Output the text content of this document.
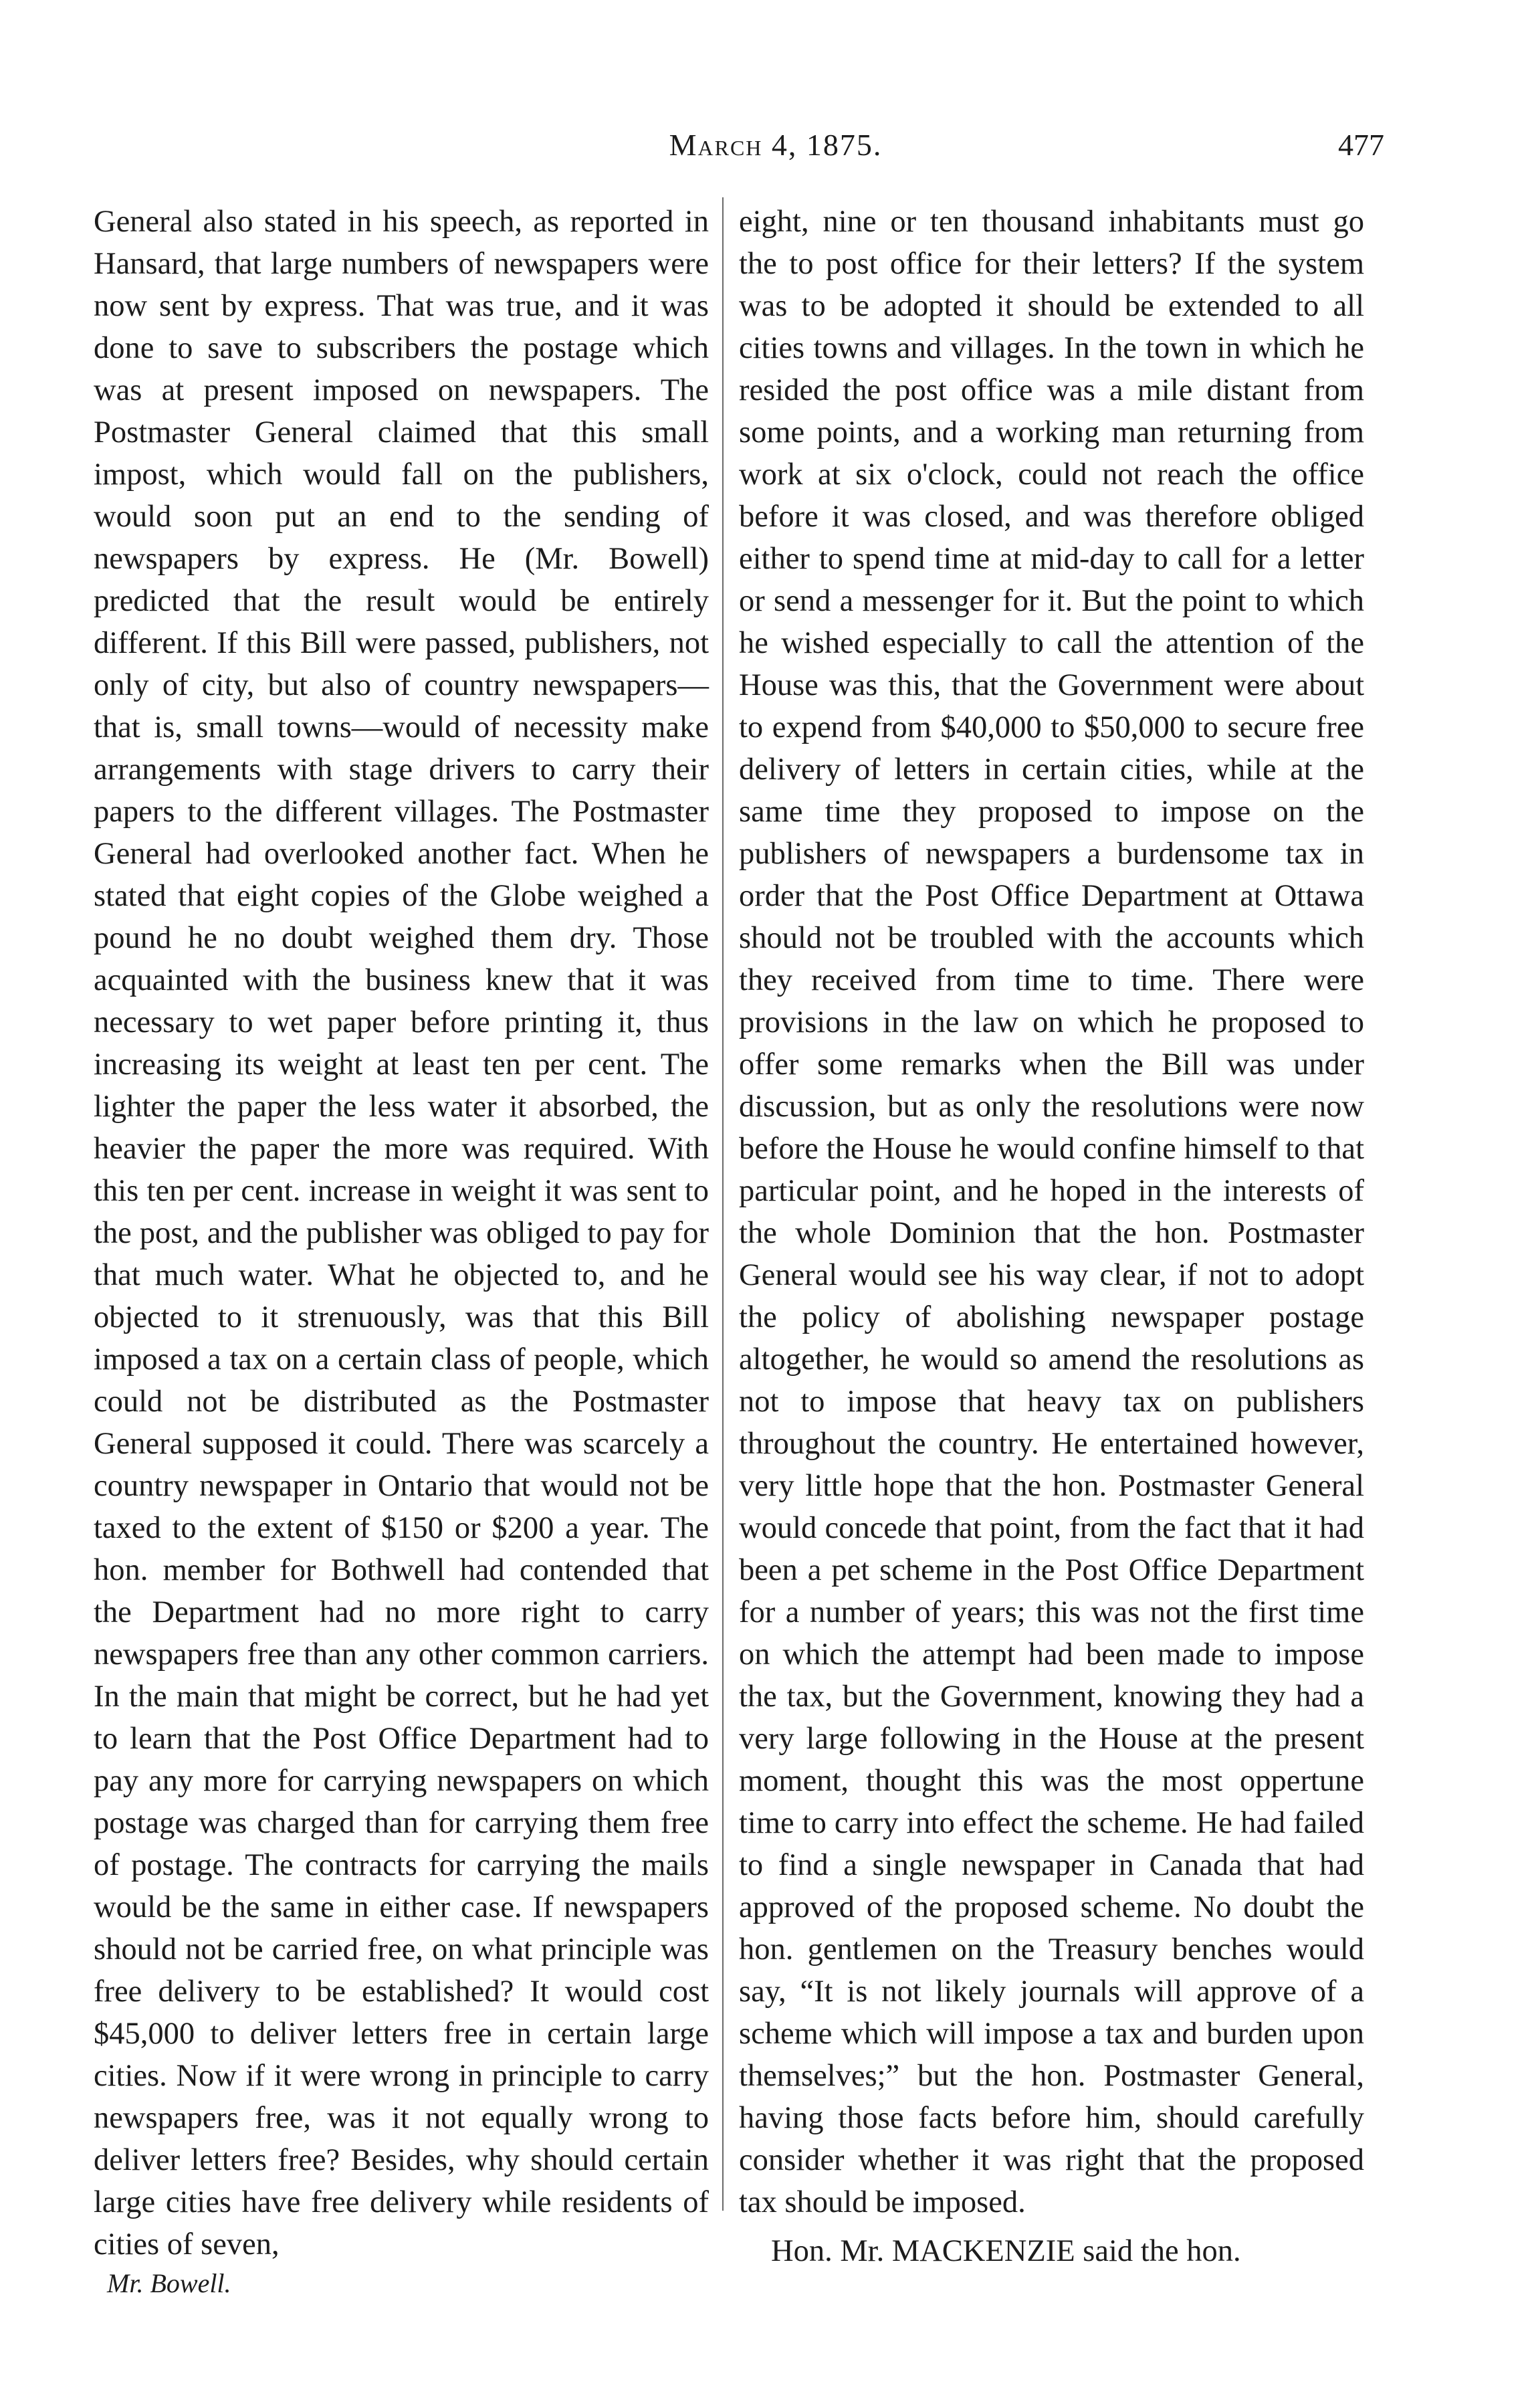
March 4, 1875.	477

General also stated in his speech, as reported in Hansard, that large numbers of newspapers were now sent by express. That was true, and it was done to save to subscribers the postage which was at present imposed on newspapers. The Postmaster General claimed that this small impost, which would fall on the publishers, would soon put an end to the sending of newspapers by express. He (Mr. Bowell) predicted that the result would be entirely different. If this Bill were passed, publishers, not only of city, but also of country newspapers—that is, small towns—would of necessity make arrangements with stage drivers to carry their papers to the different villages. The Postmaster General had overlooked another fact. When he stated that eight copies of the Globe weighed a pound he no doubt weighed them dry. Those acquainted with the business knew that it was necessary to wet paper before printing it, thus increasing its weight at least ten per cent. The lighter the paper the less water it absorbed, the heavier the paper the more was required. With this ten per cent. increase in weight it was sent to the post, and the publisher was obliged to pay for that much water. What he objected to, and he objected to it strenuously, was that this Bill imposed a tax on a certain class of people, which could not be distributed as the Postmaster General supposed it could. There was scarcely a country newspaper in Ontario that would not be taxed to the extent of $150 or $200 a year. The hon. member for Bothwell had contended that the Department had no more right to carry newspapers free than any other common carriers. In the main that might be correct, but he had yet to learn that the Post Office Department had to pay any more for carrying newspapers on which postage was charged than for carrying them free of postage. The contracts for carrying the mails would be the same in either case. If newspapers should not be carried free, on what principle was free delivery to be established? It would cost $45,000 to deliver letters free in certain large cities. Now if it were wrong in principle to carry newspapers free, was it not equally wrong to deliver letters free? Besides, why should certain large cities have free delivery while residents of cities of seven,

eight, nine or ten thousand inhabitants must go the to post office for their letters? If the system was to be adopted it should be extended to all cities towns and villages. In the town in which he resided the post office was a mile distant from some points, and a working man returning from work at six o'clock, could not reach the office before it was closed, and was therefore obliged either to spend time at mid-day to call for a letter or send a messenger for it. But the point to which he wished especially to call the attention of the House was this, that the Government were about to expend from $40,000 to $50,000 to secure free delivery of letters in certain cities, while at the same time they proposed to impose on the publishers of newspapers a burdensome tax in order that the Post Office Department at Ottawa should not be troubled with the accounts which they received from time to time. There were provisions in the law on which he proposed to offer some remarks when the Bill was under discussion, but as only the resolutions were now before the House he would confine himself to that particular point, and he hoped in the interests of the whole Dominion that the hon. Postmaster General would see his way clear, if not to adopt the policy of abolishing newspaper postage altogether, he would so amend the resolutions as not to impose that heavy tax on publishers throughout the country. He entertained however, very little hope that the hon. Postmaster General would concede that point, from the fact that it had been a pet scheme in the Post Office Department for a number of years; this was not the first time on which the attempt had been made to impose the tax, but the Government, knowing they had a very large following in the House at the present moment, thought this was the most oppertune time to carry into effect the scheme. He had failed to find a single newspaper in Canada that had approved of the proposed scheme. No doubt the hon. gentlemen on the Treasury benches would say, “It is not likely journals will approve of a scheme which will impose a tax and burden upon themselves;” but the hon. Postmaster General, having those facts before him, should carefully consider whether it was right that the proposed tax should be imposed.

Hon. Mr. MACKENZIE said the hon.

Mr. Bowell.
